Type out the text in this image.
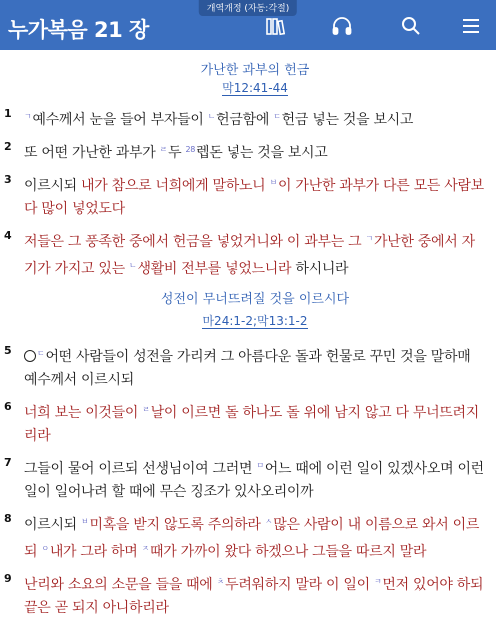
개역개정 (자동:각절)
누가복음 21 장
가난한 과부의 헌금
막12:41-44
1 $^ㄱ$예수께서 눈을 들어 부자들이 $^ㄴ$헌금함에 $^ㄷ$헌금 넣는 것을 보시고
2 또 어떤 가난한 과부가 $^ㄹ$두 $^{28}$렙돈 넣는 것을 보시고
3 이르시되 내가 참으로 너희에게 말하노니 $^ㅂ$이 가난한 과부가 다른 모든 사람보다 많이 넣었도다
4 저들은 그 풍족한 중에서 헌금을 넣었거니와 이 과부는 그 $^ㄱ$가난한 중에서 자기가 가지고 있는 $^ㄴ$생활비 전부를 넣었느니라 하시니라
성전이 무너뜨려질 것을 이르시다
마24:1-2;막13:1-2
5	$^ㄷ$어떤 사람들이 성전을 가리켜 그 아름다운 돌과 헌물로 꾸민 것을 말하매 예수께서 이르시되
6 너희 보는 이것들이 $^ㄹ$날이 이르면 돌 하나도 돌 위에 남지 않고 다 무너뜨려지리라
7 그들이 물어 이르되 선생님이여 그러면 $^ㅁ$어느 때에 이런 일이 있겠사오며 이런 일이 일어나려 할 때에 무슨 징조가 있사오리이까
8 이르시되 $^ㅂ$미혹을 받지 않도록 주의하라 $^ㅅ$많은 사람이 내 이름으로 와서 이르되 $^ㅇ$내가 그라 하며 $^ㅈ$때가 가까이 왔다 하겠으나 그들을 따르지 말라
9 난리와 소요의 소문을 들을 때에 $^ㅊ$두려워하지 말라 이 일이 $^ㅋ$먼저 있어야 하되 끝은 곧 되지 아니하리라
